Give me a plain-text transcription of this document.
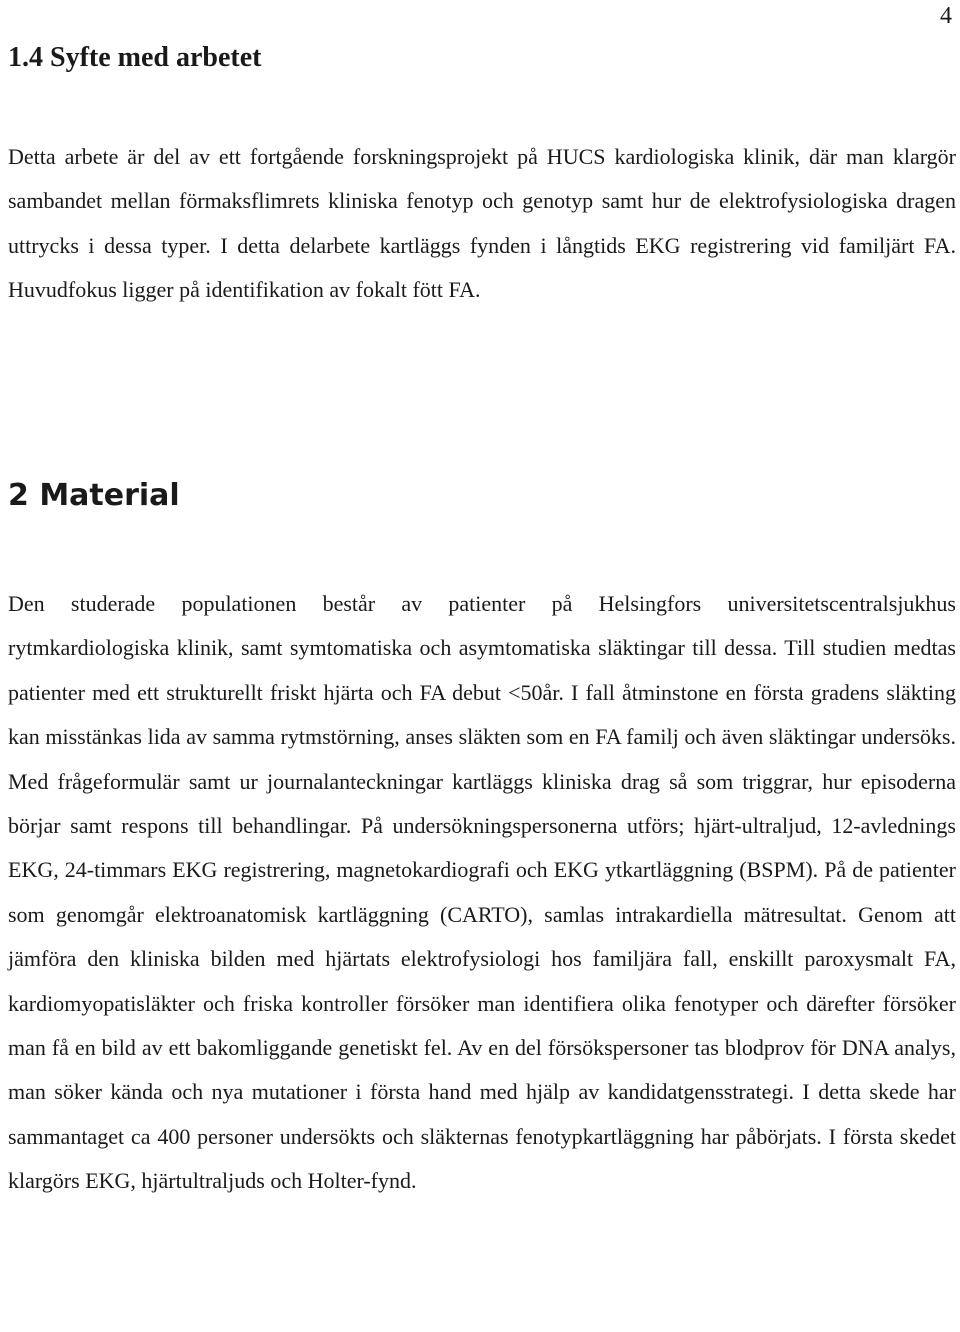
4
1.4 Syfte med arbetet

Detta arbete är del av ett fortgående forskningsprojekt på HUCS kardiologiska klinik, där man klargör sambandet mellan förmaksflimrets kliniska fenotyp och genotyp samt hur de elektrofysiologiska dragen uttrycks i dessa typer. I detta delarbete kartläggs fynden i långtids EKG registrering vid familjärt FA. Huvudfokus ligger på identifikation av fokalt fött FA.

2 Material

Den studerade populationen består av patienter på Helsingfors universitetscentralsjukhus rytmkardiologiska klinik, samt symtomatiska och asymtomatiska släktingar till dessa. Till studien medtas patienter med ett strukturellt friskt hjärta och FA debut <50år. I fall åtminstone en första gradens släkting kan misstänkas lida av samma rytmstörning, anses släkten som en FA familj och även släktingar undersöks. Med frågeformulär samt ur journalanteckningar kartläggs kliniska drag så som triggrar, hur episoderna börjar samt respons till behandlingar. På undersökningspersonerna utförs; hjärt-ultraljud, 12-avlednings EKG, 24-timmars EKG registrering, magnetokardiografi och EKG ytkartläggning (BSPM). På de patienter som genomgår elektroanatomisk kartläggning (CARTO), samlas intrakardiella mätresultat. Genom att jämföra den kliniska bilden med hjärtats elektrofysiologi hos familjära fall, enskillt paroxysmalt FA, kardiomyopatisläkter och friska kontroller försöker man identifiera olika fenotyper och därefter försöker man få en bild av ett bakomliggande genetiskt fel. Av en del försökspersoner tas blodprov för DNA analys, man söker kända och nya mutationer i första hand med hjälp av kandidatgensstrategi. I detta skede har sammantaget ca 400 personer undersökts och släkternas fenotypkartläggning har påbörjats. I första skedet klargörs EKG, hjärtultraljuds och Holter-fynd.
